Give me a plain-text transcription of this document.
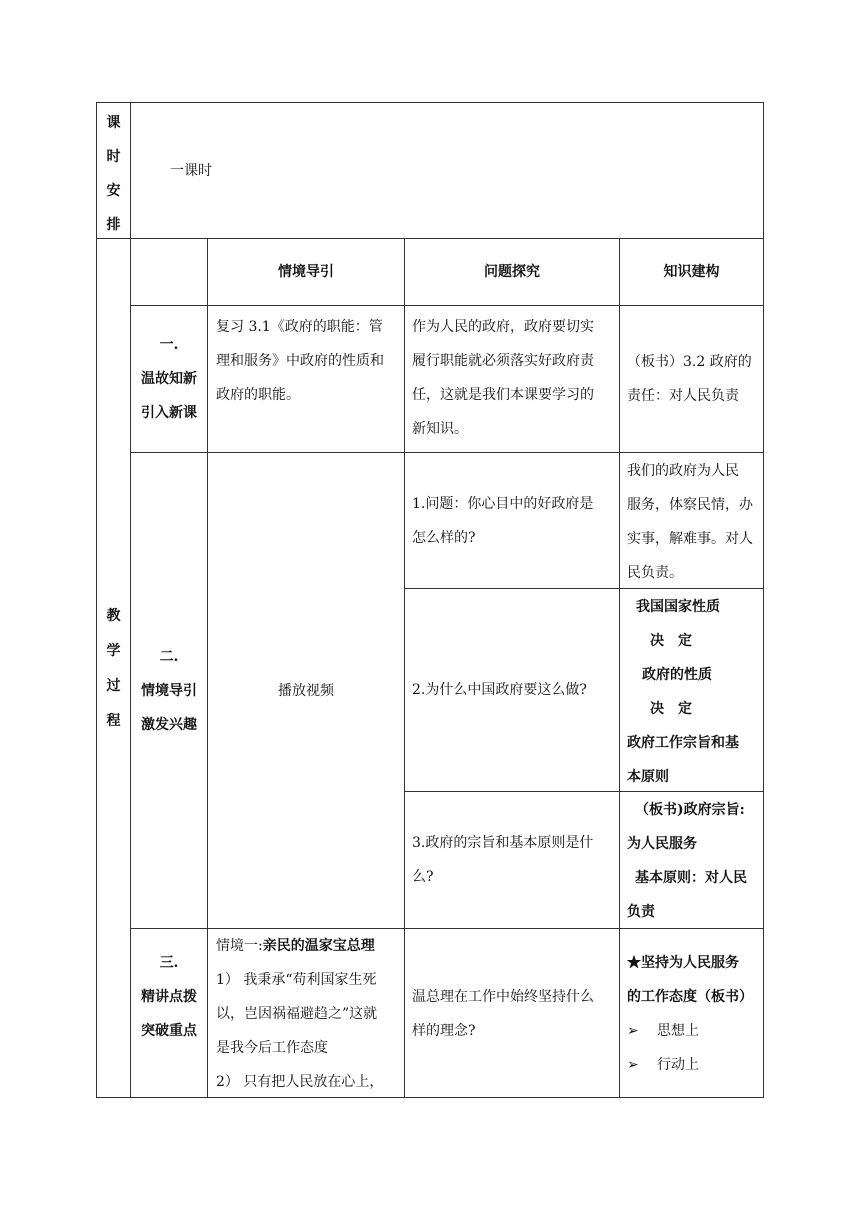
课
时
安
排
一课时
教
学
过
程
情境导引	问题探究	知识建构
一.
温故知新
引入新课
复习 3.1《政府的职能：管
理和服务》中政府的性质和
政府的职能。
作为人民的政府，政府要切实
履行职能就必须落实好政府责
任，这就是我们本课要学习的
新知识。
（板书）3.2 政府的
责任：对人民负责
二.
情境导引
激发兴趣
播放视频
1.问题：你心目中的好政府是
怎么样的?
我们的政府为人民
服务，体察民情，办
实事，解难事。对人
民负责。
2.为什么中国政府要这么做?
我国国家性质
决　定
政府的性质
决　定
政府工作宗旨和基
本原则
3.政府的宗旨和基本原则是什
么?
（板书)政府宗旨:
为人民服务
基本原则：对人民
负责
三.
精讲点拨
突破重点
情境一:亲民的温家宝总理
1） 我秉承“苟利国家生死
以，岂因祸福避趋之”这就
是我今后工作态度
2） 只有把人民放在心上，
温总理在工作中始终坚持什么
样的理念?
★坚持为人民服务
的工作态度（板书）
➢ 思想上
➢ 行动上
